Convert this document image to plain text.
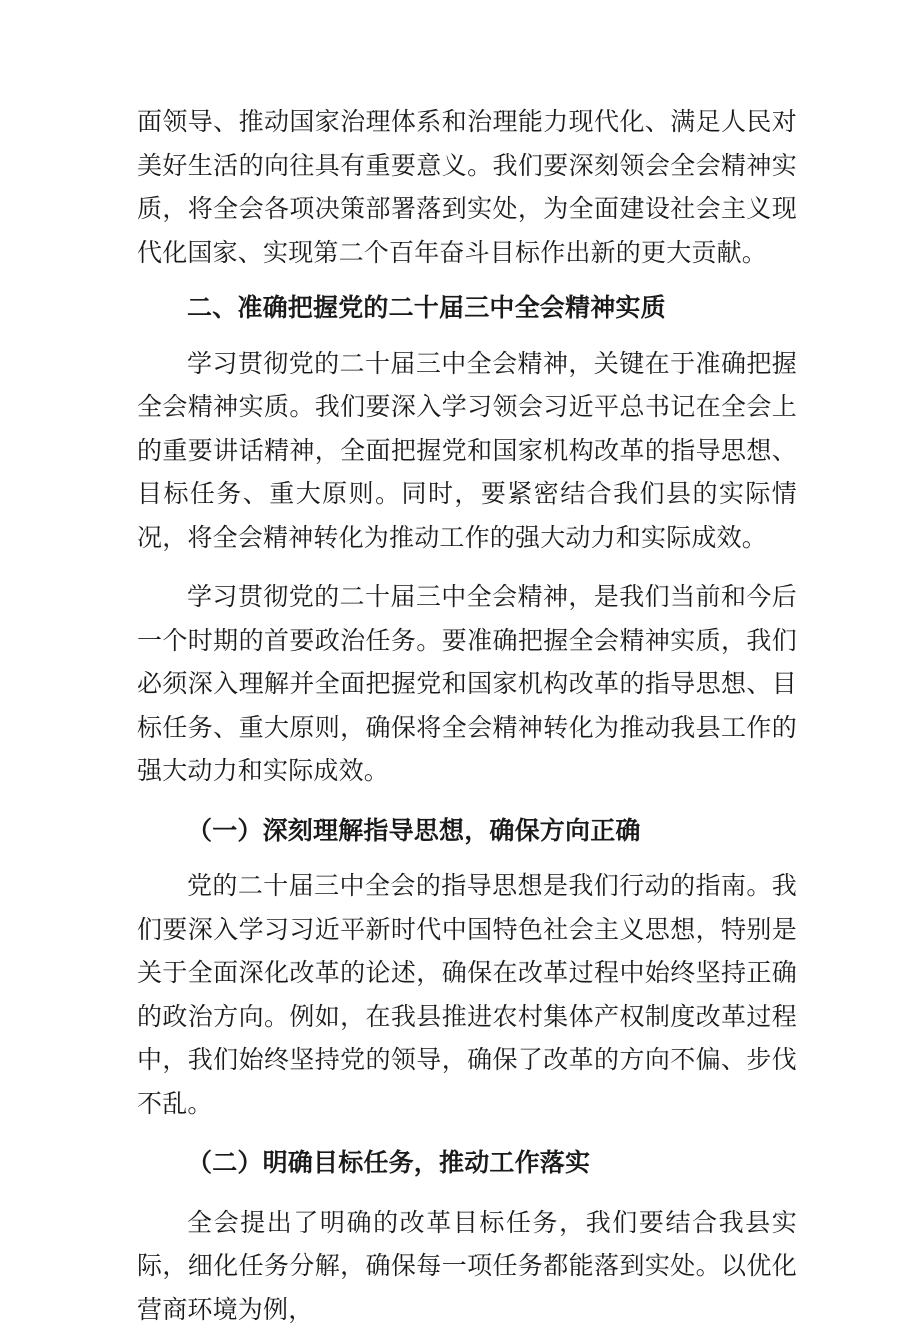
面领导、推动国家治理体系和治理能力现代化、满足人民对美好生活的向往具有重要意义。我们要深刻领会全会精神实质，将全会各项决策部署落到实处，为全面建设社会主义现代化国家、实现第二个百年奋斗目标作出新的更大贡献。

二、准确把握党的二十届三中全会精神实质

学习贯彻党的二十届三中全会精神，关键在于准确把握全会精神实质。我们要深入学习领会习近平总书记在全会上的重要讲话精神，全面把握党和国家机构改革的指导思想、目标任务、重大原则。同时，要紧密结合我们县的实际情况，将全会精神转化为推动工作的强大动力和实际成效。

学习贯彻党的二十届三中全会精神，是我们当前和今后一个时期的首要政治任务。要准确把握全会精神实质，我们必须深入理解并全面把握党和国家机构改革的指导思想、目标任务、重大原则，确保将全会精神转化为推动我县工作的强大动力和实际成效。

（一）深刻理解指导思想，确保方向正确

党的二十届三中全会的指导思想是我们行动的指南。我们要深入学习习近平新时代中国特色社会主义思想，特别是关于全面深化改革的论述，确保在改革过程中始终坚持正确的政治方向。例如，在我县推进农村集体产权制度改革过程中，我们始终坚持党的领导，确保了改革的方向不偏、步伐不乱。

（二）明确目标任务，推动工作落实

全会提出了明确的改革目标任务，我们要结合我县实际，细化任务分解，确保每一项任务都能落到实处。以优化营商环境为例，
